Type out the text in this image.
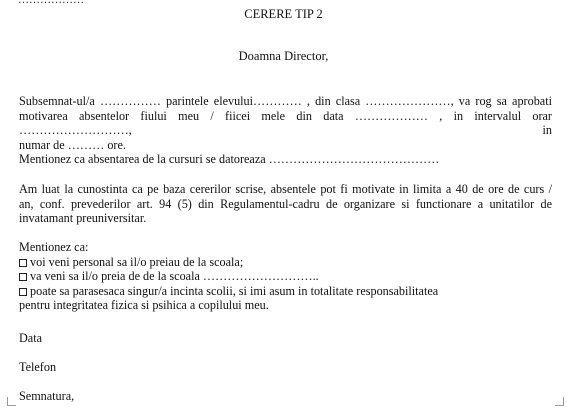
………………
CERERE TIP 2
Doamna Director,
Subsemnat-ul/a …………… parintele elevului………… , din clasa …………………, va rog sa aprobati
motivarea absentelor fiului meu / fiicei mele din data ……………… , in intervalul orar ………………………, in
numar de ……… ore.
Mentionez ca absentarea de la cursuri se datoreaza ……………………………………
Am luat la cunostinta ca pe baza cererilor scrise, absentele pot fi motivate in limita a 40 de ore de curs /
an, conf. prevederilor art. 94 (5) din Regulamentul-cadru de organizare si functionare a unitatilor de
invatamant preuniversitar.
Mentionez ca:
voi veni personal sa il/o preiau de la scoala;
va veni sa il/o preia de de la scoala ………………………..
poate sa parasesaca singur/a incinta scolii, si imi asum in totalitate responsabilitatea
pentru integritatea fizica si psihica a copilului meu.
Data
Telefon
Semnatura,
